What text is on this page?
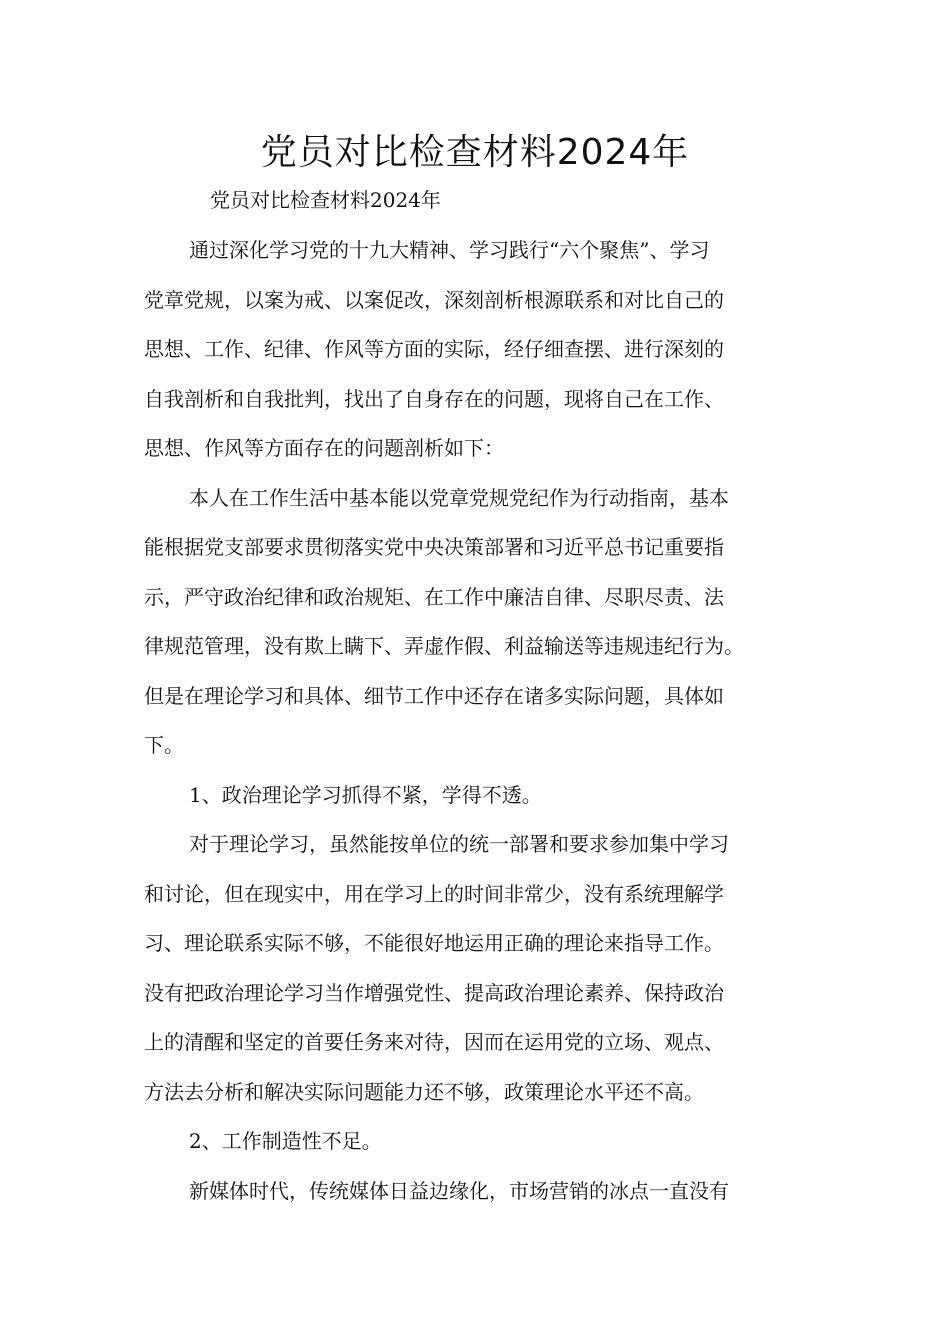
党员对比检查材料2024年

党员对比检查材料2024年

通过深化学习党的十九大精神、学习践行“六个聚焦”、学习
党章党规，以案为戒、以案促改，深刻剖析根源联系和对比自己的
思想、工作、纪律、作风等方面的实际，经仔细查摆、进行深刻的
自我剖析和自我批判，找出了自身存在的问题，现将自己在工作、
思想、作风等方面存在的问题剖析如下：
本人在工作生活中基本能以党章党规党纪作为行动指南，基本
能根据党支部要求贯彻落实党中央决策部署和习近平总书记重要指
示，严守政治纪律和政治规矩、在工作中廉洁自律、尽职尽责、法
律规范管理，没有欺上瞒下、弄虚作假、利益输送等违规违纪行为。
但是在理论学习和具体、细节工作中还存在诸多实际问题，具体如
下。
1、政治理论学习抓得不紧，学得不透。
对于理论学习，虽然能按单位的统一部署和要求参加集中学习
和讨论，但在现实中，用在学习上的时间非常少，没有系统理解学
习、理论联系实际不够，不能很好地运用正确的理论来指导工作。
没有把政治理论学习当作增强党性、提高政治理论素养、保持政治
上的清醒和坚定的首要任务来对待，因而在运用党的立场、观点、
方法去分析和解决实际问题能力还不够，政策理论水平还不高。
2、工作制造性不足。
新媒体时代，传统媒体日益边缘化，市场营销的冰点一直没有
